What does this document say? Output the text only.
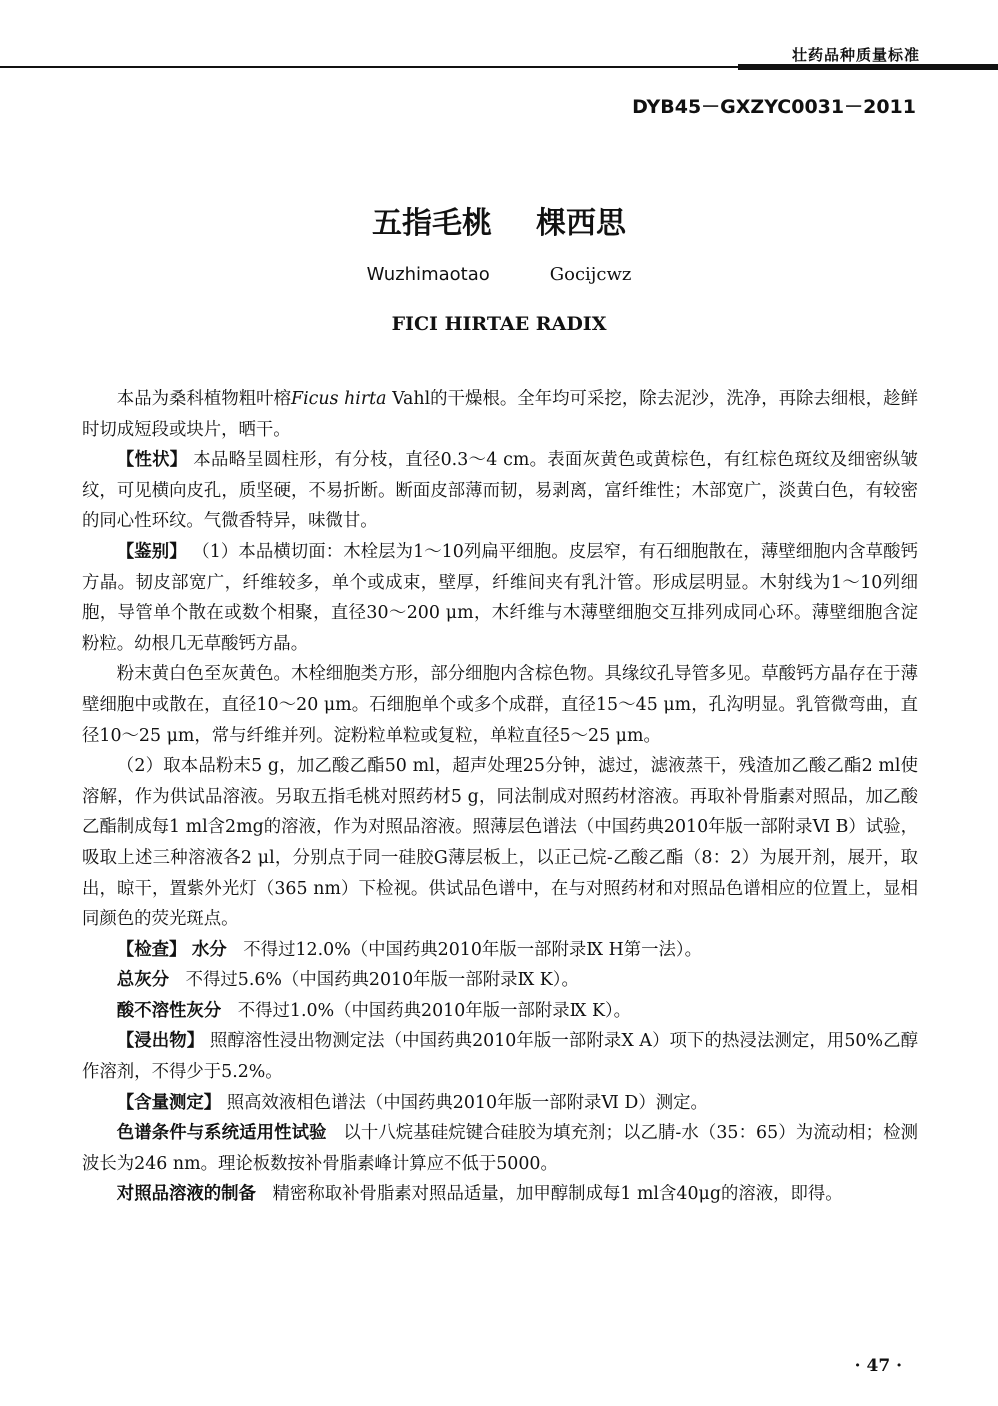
壮药品种质量标准
DYB45－GXZYC0031－2011
五指毛桃 棵西思
Wuzhimaotao	Gocijcwz
FICI HIRTAE RADIX

本品为桑科植物粗叶榕Ficus hirta Vahl的干燥根。全年均可采挖，除去泥沙，洗净，再除去细根，趁鲜时切成短段或块片，晒干。

【性状】 本品略呈圆柱形，有分枝，直径0.3～4 cm。表面灰黄色或黄棕色，有红棕色斑纹及细密纵皱纹，可见横向皮孔，质坚硬，不易折断。断面皮部薄而韧，易剥离，富纤维性；木部宽广，淡黄白色，有较密的同心性环纹。气微香特异，味微甘。

【鉴别】 （1）本品横切面：木栓层为1～10列扁平细胞。皮层窄，有石细胞散在，薄壁细胞内含草酸钙方晶。韧皮部宽广，纤维较多，单个或成束，壁厚，纤维间夹有乳汁管。形成层明显。木射线为1～10列细胞，导管单个散在或数个相聚，直径30～200 μm，木纤维与木薄壁细胞交互排列成同心环。薄壁细胞含淀粉粒。幼根几无草酸钙方晶。

粉末黄白色至灰黄色。木栓细胞类方形，部分细胞内含棕色物。具缘纹孔导管多见。草酸钙方晶存在于薄壁细胞中或散在，直径10～20 μm。石细胞单个或多个成群，直径15～45 μm，孔沟明显。乳管微弯曲，直径10～25 μm，常与纤维并列。淀粉粒单粒或复粒，单粒直径5～25 μm。

（2）取本品粉末5 g，加乙酸乙酯50 ml，超声处理25分钟，滤过，滤液蒸干，残渣加乙酸乙酯2 ml使溶解，作为供试品溶液。另取五指毛桃对照药材5 g，同法制成对照药材溶液。再取补骨脂素对照品，加乙酸乙酯制成每1 ml含2mg的溶液，作为对照品溶液。照薄层色谱法（中国药典2010年版一部附录Ⅵ B）试验，吸取上述三种溶液各2 μl，分别点于同一硅胶G薄层板上，以正己烷-乙酸乙酯（8：2）为展开剂，展开，取出，晾干，置紫外光灯（365 nm）下检视。供试品色谱中，在与对照药材和对照品色谱相应的位置上，显相同颜色的荧光斑点。

【检查】 水分 不得过12.0%（中国药典2010年版一部附录Ⅸ H第一法）。

总灰分 不得过5.6%（中国药典2010年版一部附录Ⅸ K）。

酸不溶性灰分 不得过1.0%（中国药典2010年版一部附录Ⅸ K）。

【浸出物】 照醇溶性浸出物测定法（中国药典2010年版一部附录Ⅹ A）项下的热浸法测定，用50%乙醇作溶剂，不得少于5.2%。

【含量测定】 照高效液相色谱法（中国药典2010年版一部附录Ⅵ D）测定。

色谱条件与系统适用性试验 以十八烷基硅烷键合硅胶为填充剂；以乙腈-水（35：65）为流动相；检测波长为246 nm。理论板数按补骨脂素峰计算应不低于5000。

对照品溶液的制备 精密称取补骨脂素对照品适量，加甲醇制成每1 ml含40μg的溶液，即得。

· 47 ·
